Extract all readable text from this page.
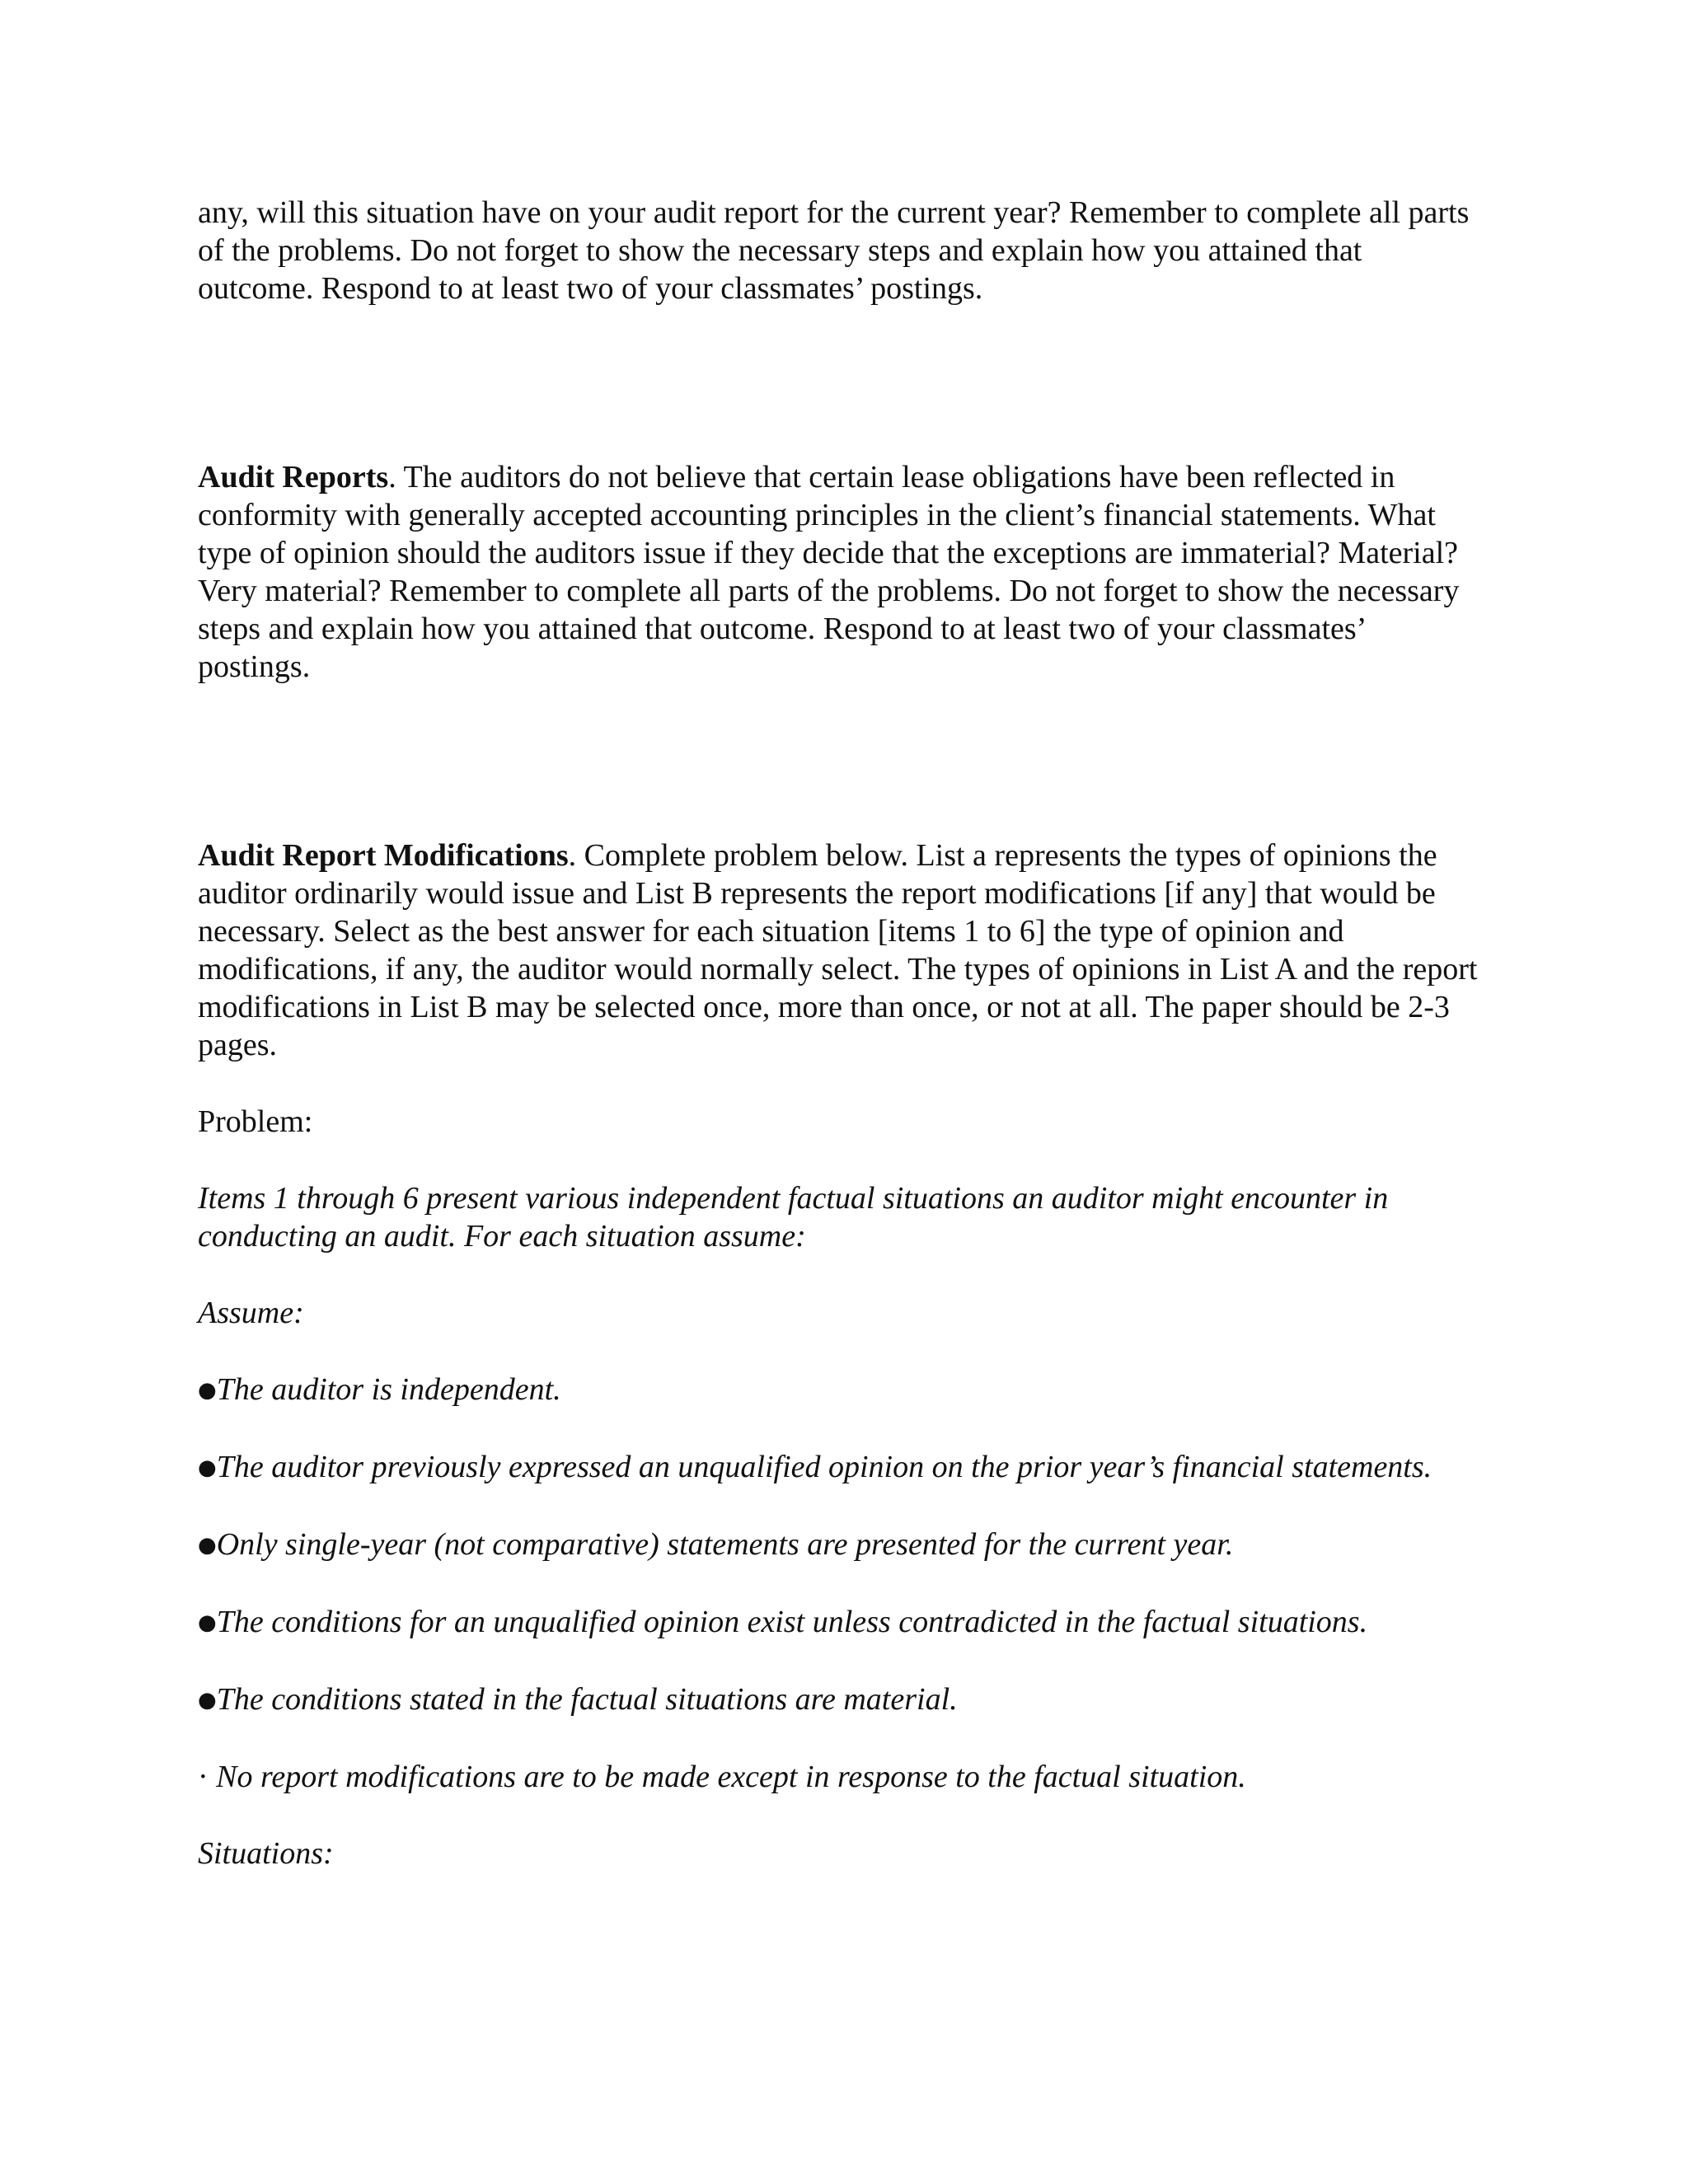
any, will this situation have on your audit report for the current year? Remember to complete all parts of the problems. Do not forget to show the necessary steps and explain how you attained that outcome. Respond to at least two of your classmates’ postings.

Audit Reports. The auditors do not believe that certain lease obligations have been reflected in conformity with generally accepted accounting principles in the client’s financial statements. What type of opinion should the auditors issue if they decide that the exceptions are immaterial? Material? Very material? Remember to complete all parts of the problems. Do not forget to show the necessary steps and explain how you attained that outcome. Respond to at least two of your classmates’ postings.

Audit Report Modifications. Complete problem below. List a represents the types of opinions the auditor ordinarily would issue and List B represents the report modifications [if any] that would be necessary. Select as the best answer for each situation [items 1 to 6] the type of opinion and modifications, if any, the auditor would normally select. The types of opinions in List A and the report modifications in List B may be selected once, more than once, or not at all. The paper should be 2-3 pages.

Problem:

Items 1 through 6 present various independent factual situations an auditor might encounter in conducting an audit. For each situation assume:

Assume:

●The auditor is independent.

●The auditor previously expressed an unqualified opinion on the prior year’s financial statements.

●Only single-year (not comparative) statements are presented for the current year.

●The conditions for an unqualified opinion exist unless contradicted in the factual situations.

●The conditions stated in the factual situations are material.

· No report modifications are to be made except in response to the factual situation.

Situations:
